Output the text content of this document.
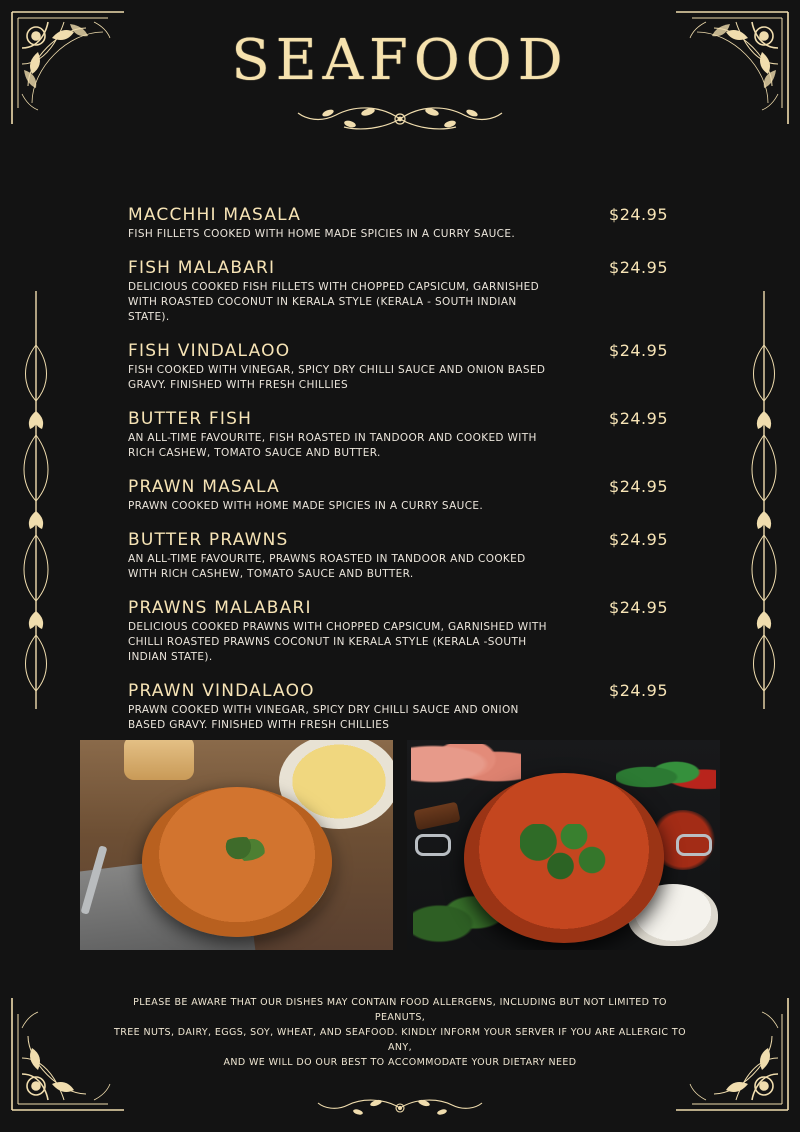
SEAFOOD
MACCHHI MASALA	$24.95
FISH FILLETS COOKED WITH HOME MADE SPICIES IN A CURRY SAUCE.
FISH MALABARI	$24.95
DELICIOUS COOKED FISH FILLETS WITH CHOPPED CAPSICUM, GARNISHED WITH ROASTED COCONUT IN KERALA STYLE (KERALA - SOUTH INDIAN STATE).
FISH VINDALAOO	$24.95
FISH COOKED WITH VINEGAR, SPICY DRY CHILLI SAUCE AND ONION BASED GRAVY. FINISHED WITH FRESH CHILLIES
BUTTER FISH	$24.95
AN ALL-TIME FAVOURITE, FISH ROASTED IN TANDOOR AND COOKED WITH RICH CASHEW, TOMATO SAUCE AND BUTTER.
PRAWN MASALA	$24.95
PRAWN COOKED WITH HOME MADE SPICIES IN A CURRY SAUCE.
BUTTER PRAWNS	$24.95
AN ALL-TIME FAVOURITE, PRAWNS ROASTED IN TANDOOR AND COOKED WITH RICH CASHEW, TOMATO SAUCE AND BUTTER.
PRAWNS MALABARI	$24.95
DELICIOUS COOKED PRAWNS WITH CHOPPED CAPSICUM, GARNISHED WITH CHILLI ROASTED PRAWNS COCONUT IN KERALA STYLE (KERALA -SOUTH INDIAN STATE).
PRAWN VINDALAOO	$24.95
PRAWN COOKED WITH VINEGAR, SPICY DRY CHILLI SAUCE AND ONION BASED GRAVY. FINISHED WITH FRESH CHILLIES

PLEASE BE AWARE THAT OUR DISHES MAY CONTAIN FOOD ALLERGENS, INCLUDING BUT NOT LIMITED TO PEANUTS,

TREE NUTS, DAIRY, EGGS, SOY, WHEAT, AND SEAFOOD. KINDLY INFORM YOUR SERVER IF YOU ARE ALLERGIC TO ANY,

AND WE WILL DO OUR BEST TO ACCOMMODATE YOUR DIETARY NEED
